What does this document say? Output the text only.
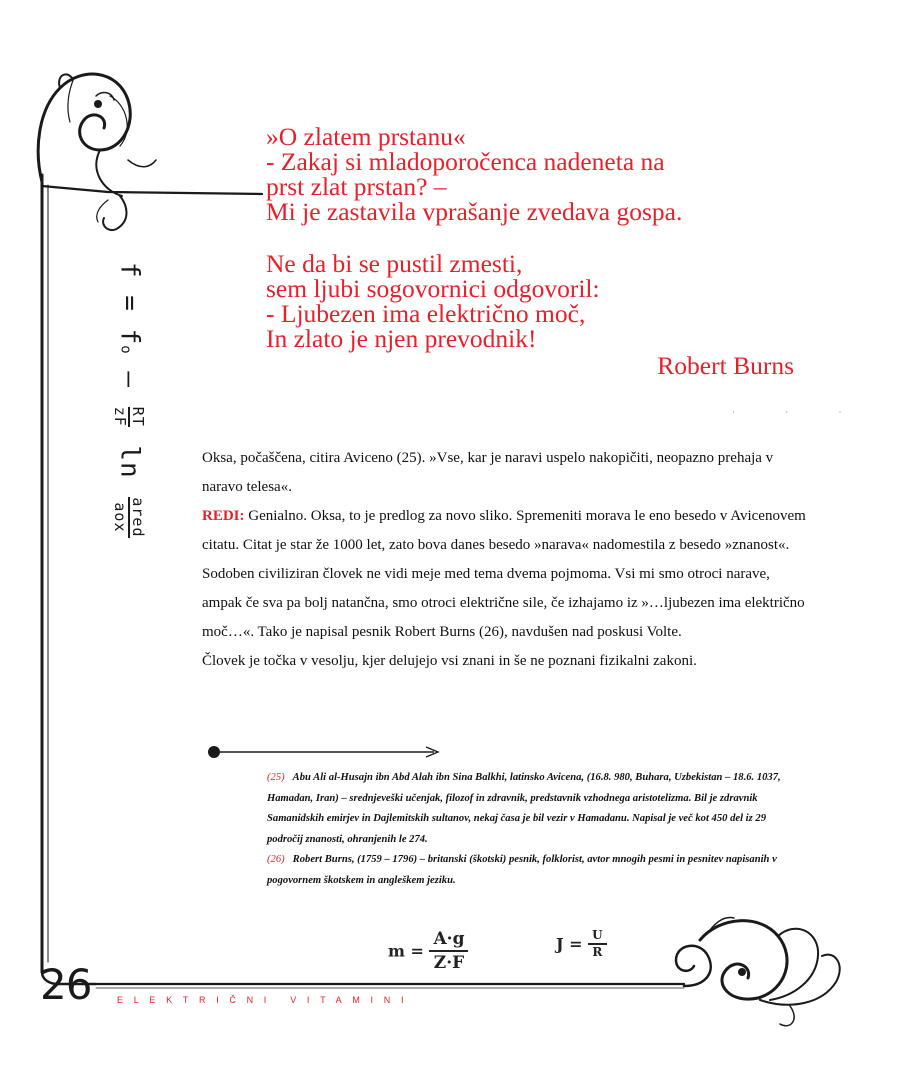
f = fo –
RT
zF
ln
ared
aox
»O zlatem prstanu«
- Zakaj si mladoporočenca nadeneta na
prst zlat prstan? –
Mi je zastavila vprašanje zvedava gospa.
Ne da bi se pustil zmesti,
sem ljubi sogovornici odgovoril:
- Ljubezen ima električno moč,
In zlato je njen prevodnik!
Robert Burns
· · ·

Oksa, počaščena, citira Aviceno (25). »Vse, kar je naravi uspelo nakopičiti, neopazno prehaja v naravo telesa«.

REDI: Genialno. Oksa, to je predlog za novo sliko. Spremeniti morava le eno besedo v Avicenovem citatu. Citat je star že 1000 let, zato bova danes besedo »narava« nadomestila z besedo »znanost«. Sodoben civiliziran človek ne vidi meje med tema dvema pojmoma. Vsi mi smo otroci narave, ampak če sva pa bolj natančna, smo otroci električne sile, če izhajamo iz »…ljubezen ima električno moč…«. Tako je napisal pesnik Robert Burns (26), navdušen nad poskusi Volte.

Človek je točka v vesolju, kjer delujejo vsi znani in še ne poznani fizikalni zakoni.

(25) Abu Ali al-Husajn ibn Abd Alah ibn Sina Balkhi, latinsko Avicena, (16.8. 980, Buhara, Uzbekistan – 18.6. 1037, Hamadan, Iran) – srednjeveški učenjak, filozof in zdravnik, predstavnik vzhodnega aristotelizma. Bil je zdravnik Samanidskih emirjev in Dajlemitskih sultanov, nekaj časa je bil vezir v Hamadanu. Napisal je več kot 450 del iz 29 področij znanosti, ohranjenih le 274.

(26) Robert Burns, (1759 – 1796) – britanski (škotski) pesnik, folklorist, avtor mnogih pesmi in pesnitev napisanih v pogovornem škotskem in angleškem jeziku.

$m = \frac{A\cdot g}{Z\cdot F}$	$J = \frac{U}{R}$
26	ELEKTRIČNI VITAMINI
